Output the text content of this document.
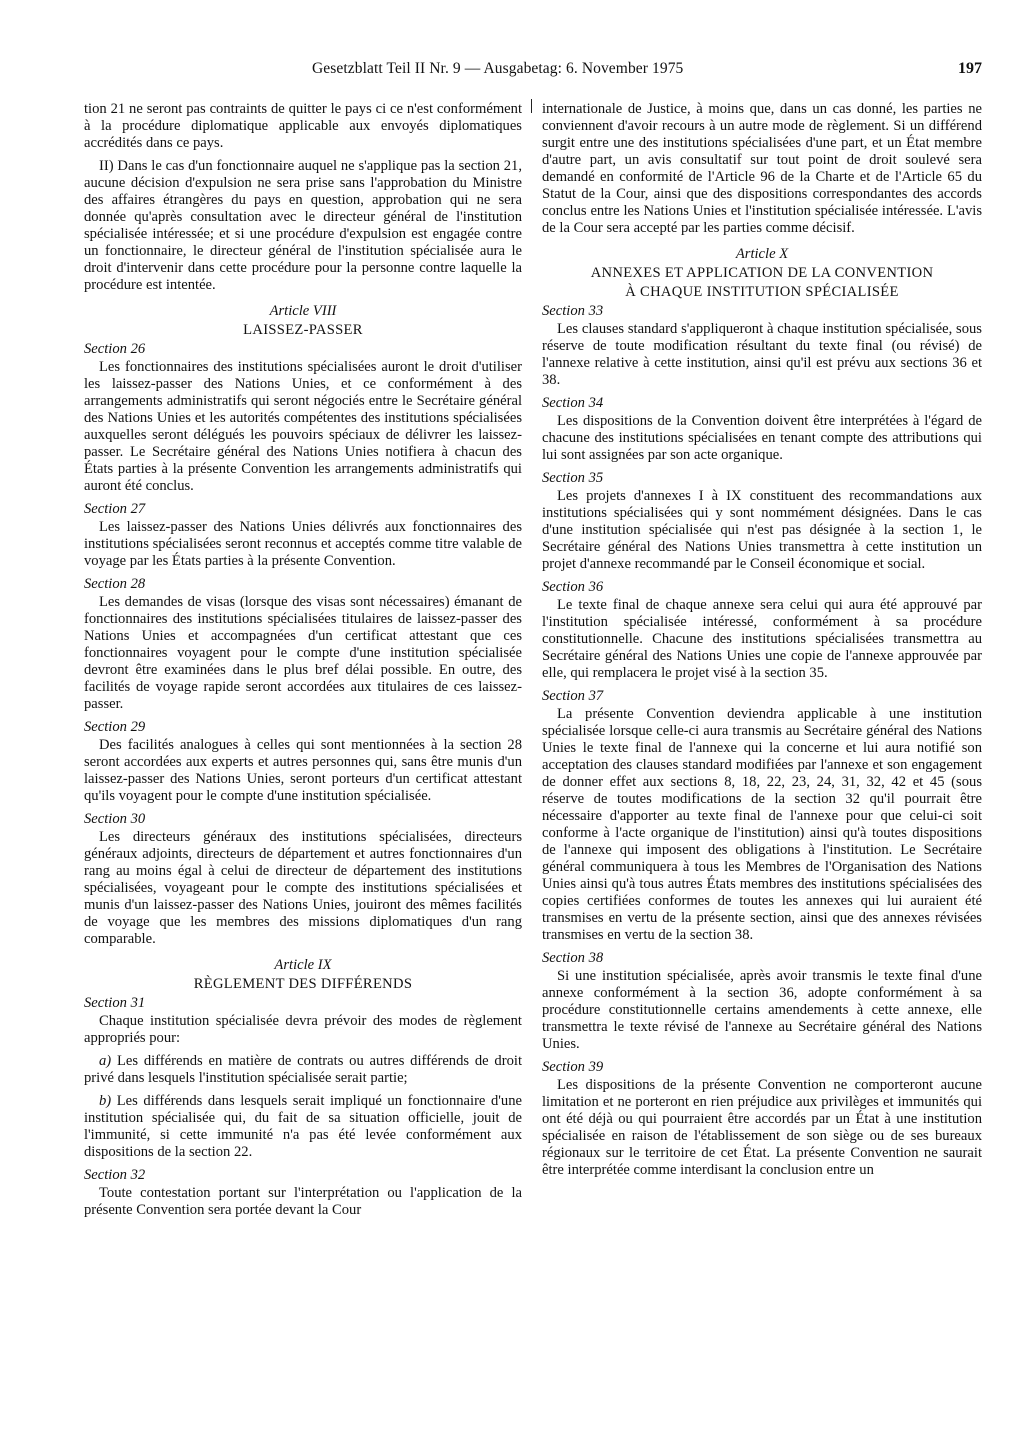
Gesetzblatt Teil II Nr. 9 — Ausgabetag: 6. November 1975	197

tion 21 ne seront pas contraints de quitter le pays ci ce n'est conformément à la procédure diplomatique applicable aux envoyés diplomatiques accrédités dans ce pays.

II) Dans le cas d'un fonctionnaire auquel ne s'applique pas la section 21, aucune décision d'expulsion ne sera prise sans l'approbation du Ministre des affaires étrangères du pays en question, approbation qui ne sera donnée qu'après consultation avec le directeur général de l'institution spécialisée intéressée; et si une procédure d'expulsion est engagée contre un fonctionnaire, le directeur général de l'institution spécialisée aura le droit d'intervenir dans cette procédure pour la personne contre laquelle la procédure est intentée.

Article VIII
LAISSEZ-PASSER
Section 26

Les fonctionnaires des institutions spécialisées auront le droit d'utiliser les laissez-passer des Nations Unies, et ce conformément à des arrangements administratifs qui seront négociés entre le Secrétaire général des Nations Unies et les autorités compétentes des institutions spécialisées auxquelles seront délégués les pouvoirs spéciaux de délivrer les laissez-passer. Le Secrétaire général des Nations Unies notifiera à chacun des États parties à la présente Convention les arrangements administratifs qui auront été conclus.

Section 27

Les laissez-passer des Nations Unies délivrés aux fonctionnaires des institutions spécialisées seront reconnus et acceptés comme titre valable de voyage par les États parties à la présente Convention.

Section 28

Les demandes de visas (lorsque des visas sont nécessaires) émanant de fonctionnaires des institutions spécialisées titulaires de laissez-passer des Nations Unies et accompagnées d'un certificat attestant que ces fonctionnaires voyagent pour le compte d'une institution spécialisée devront être examinées dans le plus bref délai possible. En outre, des facilités de voyage rapide seront accordées aux titulaires de ces laissez-passer.

Section 29

Des facilités analogues à celles qui sont mentionnées à la section 28 seront accordées aux experts et autres personnes qui, sans être munis d'un laissez-passer des Nations Unies, seront porteurs d'un certificat attestant qu'ils voyagent pour le compte d'une institution spécialisée.

Section 30

Les directeurs généraux des institutions spécialisées, directeurs généraux adjoints, directeurs de département et autres fonctionnaires d'un rang au moins égal à celui de directeur de département des institutions spécialisées, voyageant pour le compte des institutions spécialisées et munis d'un laissez-passer des Nations Unies, jouiront des mêmes facilités de voyage que les membres des missions diplomatiques d'un rang comparable.

Article IX
RÈGLEMENT DES DIFFÉRENDS
Section 31

Chaque institution spécialisée devra prévoir des modes de règlement appropriés pour:

a) Les différends en matière de contrats ou autres différends de droit privé dans lesquels l'institution spécialisée serait partie;

b) Les différends dans lesquels serait impliqué un fonctionnaire d'une institution spécialisée qui, du fait de sa situation officielle, jouit de l'immunité, si cette immunité n'a pas été levée conformément aux dispositions de la section 22.

Section 32

Toute contestation portant sur l'interprétation ou l'application de la présente Convention sera portée devant la Cour

internationale de Justice, à moins que, dans un cas donné, les parties ne conviennent d'avoir recours à un autre mode de règlement. Si un différend surgit entre une des institutions spécialisées d'une part, et un État membre d'autre part, un avis consultatif sur tout point de droit soulevé sera demandé en conformité de l'Article 96 de la Charte et de l'Article 65 du Statut de la Cour, ainsi que des dispositions correspondantes des accords conclus entre les Nations Unies et l'institution spécialisée intéressée. L'avis de la Cour sera accepté par les parties comme décisif.

Article X
ANNEXES ET APPLICATION DE LA CONVENTION
À CHAQUE INSTITUTION SPÉCIALISÉE
Section 33

Les clauses standard s'appliqueront à chaque institution spécialisée, sous réserve de toute modification résultant du texte final (ou révisé) de l'annexe relative à cette institution, ainsi qu'il est prévu aux sections 36 et 38.

Section 34

Les dispositions de la Convention doivent être interprétées à l'égard de chacune des institutions spécialisées en tenant compte des attributions qui lui sont assignées par son acte organique.

Section 35

Les projets d'annexes I à IX constituent des recommandations aux institutions spécialisées qui y sont nommément désignées. Dans le cas d'une institution spécialisée qui n'est pas désignée à la section 1, le Secrétaire général des Nations Unies transmettra à cette institution un projet d'annexe recommandé par le Conseil économique et social.

Section 36

Le texte final de chaque annexe sera celui qui aura été approuvé par l'institution spécialisée intéressé, conformément à sa procédure constitutionnelle. Chacune des institutions spécialisées transmettra au Secrétaire général des Nations Unies une copie de l'annexe approuvée par elle, qui remplacera le projet visé à la section 35.

Section 37

La présente Convention deviendra applicable à une institution spécialisée lorsque celle-ci aura transmis au Secrétaire général des Nations Unies le texte final de l'annexe qui la concerne et lui aura notifié son acceptation des clauses standard modifiées par l'annexe et son engagement de donner effet aux sections 8, 18, 22, 23, 24, 31, 32, 42 et 45 (sous réserve de toutes modifications de la section 32 qu'il pourrait être nécessaire d'apporter au texte final de l'annexe pour que celui-ci soit conforme à l'acte organique de l'institution) ainsi qu'à toutes dispositions de l'annexe qui imposent des obligations à l'institution. Le Secrétaire général communiquera à tous les Membres de l'Organisation des Nations Unies ainsi qu'à tous autres États membres des institutions spécialisées des copies certifiées conformes de toutes les annexes qui lui auraient été transmises en vertu de la présente section, ainsi que des annexes révisées transmises en vertu de la section 38.

Section 38

Si une institution spécialisée, après avoir transmis le texte final d'une annexe conformément à la section 36, adopte conformément à sa procédure constitutionnelle certains amendements à cette annexe, elle transmettra le texte révisé de l'annexe au Secrétaire général des Nations Unies.

Section 39

Les dispositions de la présente Convention ne comporteront aucune limitation et ne porteront en rien préjudice aux privilèges et immunités qui ont été déjà ou qui pourraient être accordés par un État à une institution spécialisée en raison de l'établissement de son siège ou de ses bureaux régionaux sur le territoire de cet État. La présente Convention ne saurait être interprétée comme interdisant la conclusion entre un
